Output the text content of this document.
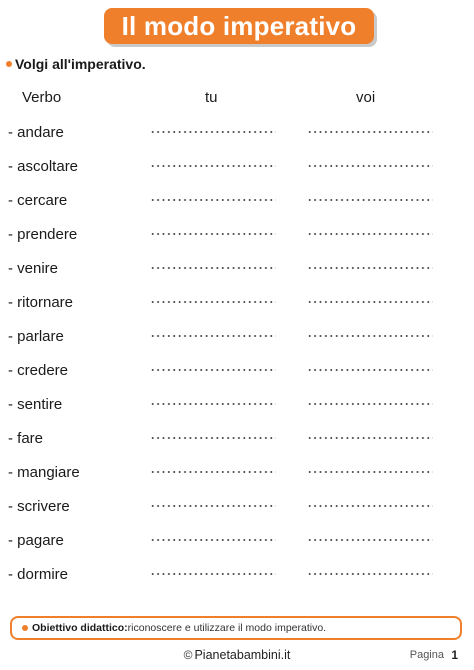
Il modo imperativo
Volgi all'imperativo.
Verbo	tu	voi
- andare
- ascoltare
- cercare
- prendere
- venire
- ritornare
- parlare
- credere
- sentire
- fare
- mangiare
- scrivere
- pagare
- dormire
Obiettivo didattico: riconoscere e utilizzare il modo imperativo.
© Pianetabambini.it	Pagina 1
